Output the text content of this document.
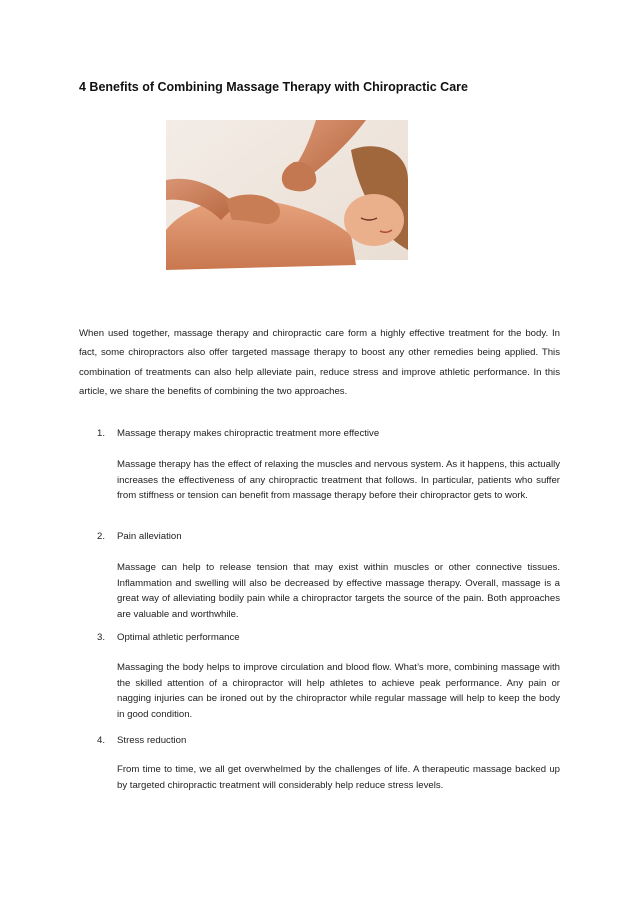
4 Benefits of Combining Massage Therapy with Chiropractic Care
When used together, massage therapy and chiropractic care form a highly effective treatment for the body. In fact, some chiropractors also offer targeted massage therapy to boost any other remedies being applied. This combination of treatments can also help alleviate pain, reduce stress and improve athletic performance. In this article, we share the benefits of combining the two approaches.
1. Massage therapy makes chiropractic treatment more effective
Massage therapy has the effect of relaxing the muscles and nervous system. As it happens, this actually increases the effectiveness of any chiropractic treatment that follows. In particular, patients who suffer from stiffness or tension can benefit from massage therapy before their chiropractor gets to work.
2. Pain alleviation
Massage can help to release tension that may exist within muscles or other connective tissues. Inflammation and swelling will also be decreased by effective massage therapy. Overall, massage is a great way of alleviating bodily pain while a chiropractor targets the source of the pain. Both approaches are valuable and worthwhile.
3. Optimal athletic performance
Massaging the body helps to improve circulation and blood flow. What’s more, combining massage with the skilled attention of a chiropractor will help athletes to achieve peak performance. Any pain or nagging injuries can be ironed out by the chiropractor while regular massage will help to keep the body in good condition.
4. Stress reduction
From time to time, we all get overwhelmed by the challenges of life. A therapeutic massage backed up by targeted chiropractic treatment will considerably help reduce stress levels.
